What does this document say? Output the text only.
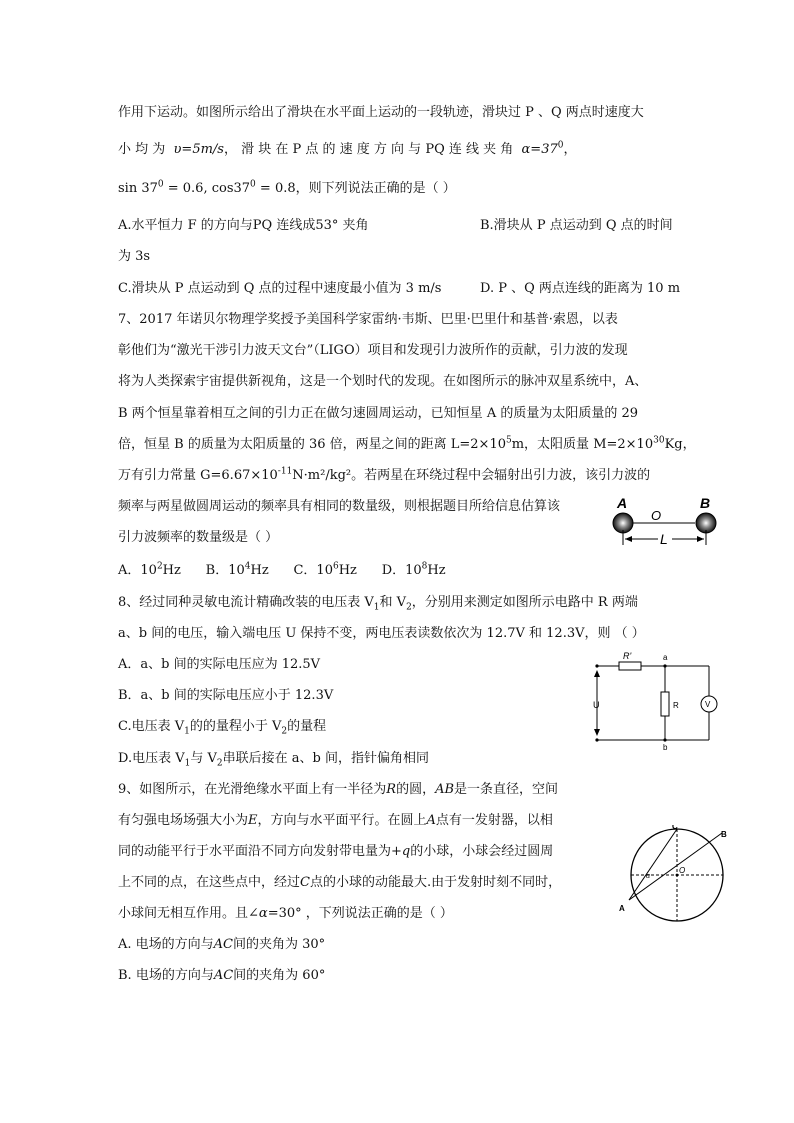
作用下运动。如图所示给出了滑块在水平面上运动的一段轨迹，滑块过 P 、Q 两点时速度大
小 均 为 υ=5m/s， 滑 块 在 P 点 的 速 度 方 向 与 PQ 连 线 夹 角 $\alpha=37^0$，
$\sin 37^0 = 0.6$, $\cos 37^0 = 0.8$，则下列说法正确的是（ ）
A.水平恒力 F 的方向与PQ 连线成53° 夹角	B.滑块从 P 点运动到 Q 点的时间
为 3s
C.滑块从 P 点运动到 Q 点的过程中速度最小值为 3 m/s	D. P 、Q 两点连线的距离为 10 m
7、2017 年诺贝尔物理学奖授予美国科学家雷纳·韦斯、巴里·巴里什和基普·索恩，以表
彰他们为“激光干涉引力波天文台”（LIGO）项目和发现引力波所作的贡献，引力波的发现
将为人类探索宇宙提供新视角，这是一个划时代的发现。在如图所示的脉冲双星系统中，A、
B 两个恒星靠着相互之间的引力正在做匀速圆周运动，已知恒星 A 的质量为太阳质量的 29
倍，恒星 B 的质量为太阳质量的 36 倍，两星之间的距离 $L=2\times 10^5m$，太阳质量 $M=2\times 10^{30}Kg$，
万有引力常量 $G=6.67\times 10^{-11}N\cdot m^2$/kg²。若两星在环绕过程中会辐射出引力波，该引力波的
频率与两星做圆周运动的频率具有相同的数量级，则根据题目所给信息估算该
引力波频率的数量级是（ ）
A．$10^2Hz$ B．$10^4Hz$ C．$10^6Hz$ D．$10^8Hz$
A
O
B
L
8、经过同种灵敏电流计精确改装的电压表 $V_1$和 $V_2$，分别用来测定如图所示电路中 R 两端
a、b 间的电压，输入端电压 U 保持不变，两电压表读数依次为 12.7V 和 12.3V，则 （ ）
A．a、b 间的实际电压应为 12.5V
B．a、b 间的实际电压应小于 12.3V
C.电压表 $V_1$的的量程小于 $V_2$的量程
D.电压表 $V_1$与 $V_2$串联后接在 a、b 间，指针偏角相同
R'	a
U	R	V
b
9、如图所示，在光滑绝缘水平面上有一半径为R的圆，AB是一条直径，空间
有匀强电场场强大小为E，方向与水平面平行。在圆上A点有一发射器，以相
同的动能平行于水平面沿不同方向发射带电量为+q的小球，小球会经过圆周
上不同的点，在这些点中，经过C点的小球的动能最大.由于发射时刻不同时，
小球间无相互作用。且∠α=30° ，下列说法正确的是（ ）
A. 电场的方向与AC间的夹角为 30°
B. 电场的方向与AC间的夹角为 60°
C
B
O
A
α
